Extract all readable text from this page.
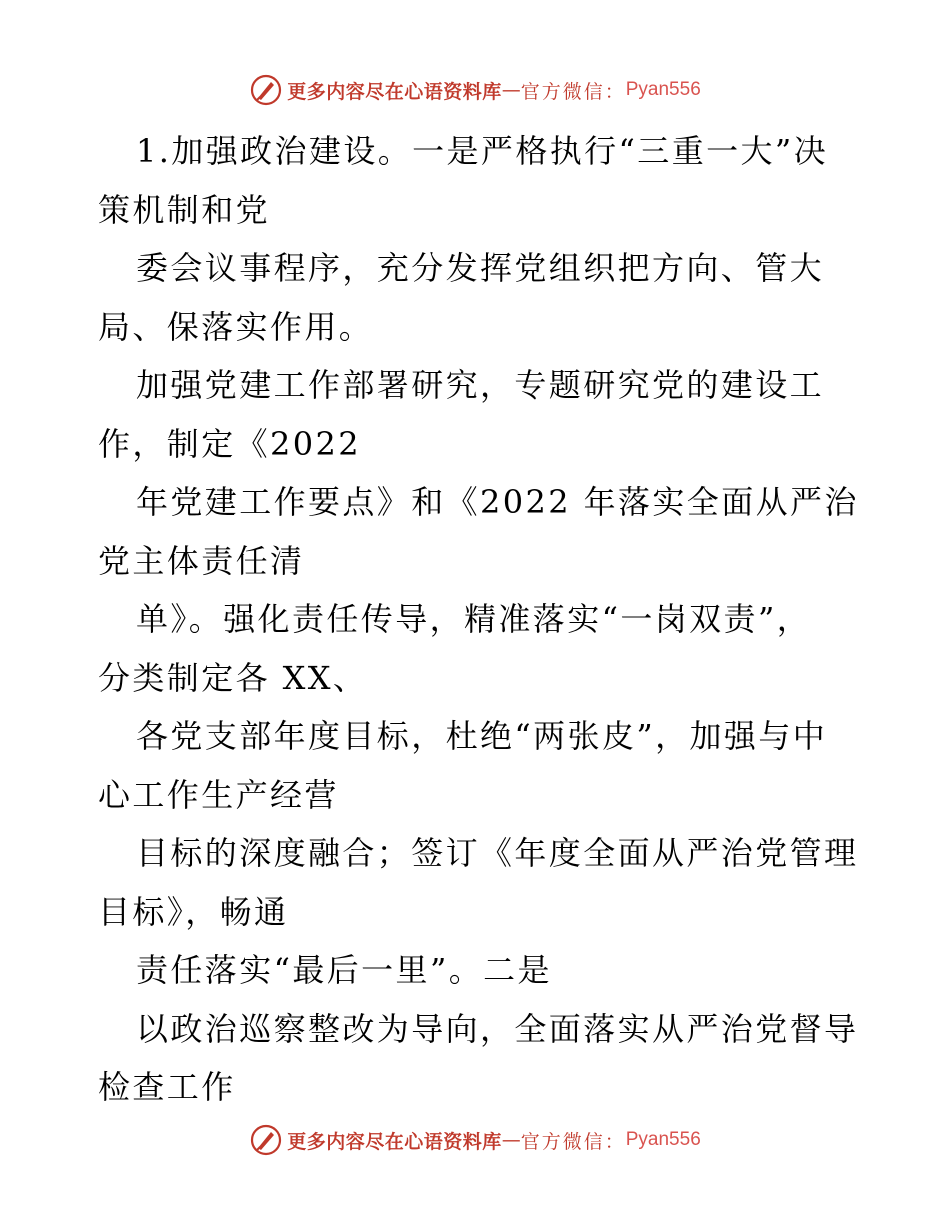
更多内容尽在心语资料库 — 官方微信： Pyan556
1.加强政治建设。一是严格执行“三重一大”决
策机制和党
委会议事程序，充分发挥党组织把方向、管大
局、保落实作用。
加强党建工作部署研究，专题研究党的建设工
作，制定《2022
年党建工作要点》和《2022 年落实全面从严治
党主体责任清
单》。强化责任传导，精准落实“一岗双责”，
分类制定各 XX、
各党支部年度目标，杜绝“两张皮”，加强与中
心工作生产经营
目标的深度融合；签订《年度全面从严治党管理
目标》，畅通
责任落实“最后一里”。二是
以政治巡察整改为导向，全面落实从严治党督导
检查工作
更多内容尽在心语资料库 — 官方微信： Pyan556
